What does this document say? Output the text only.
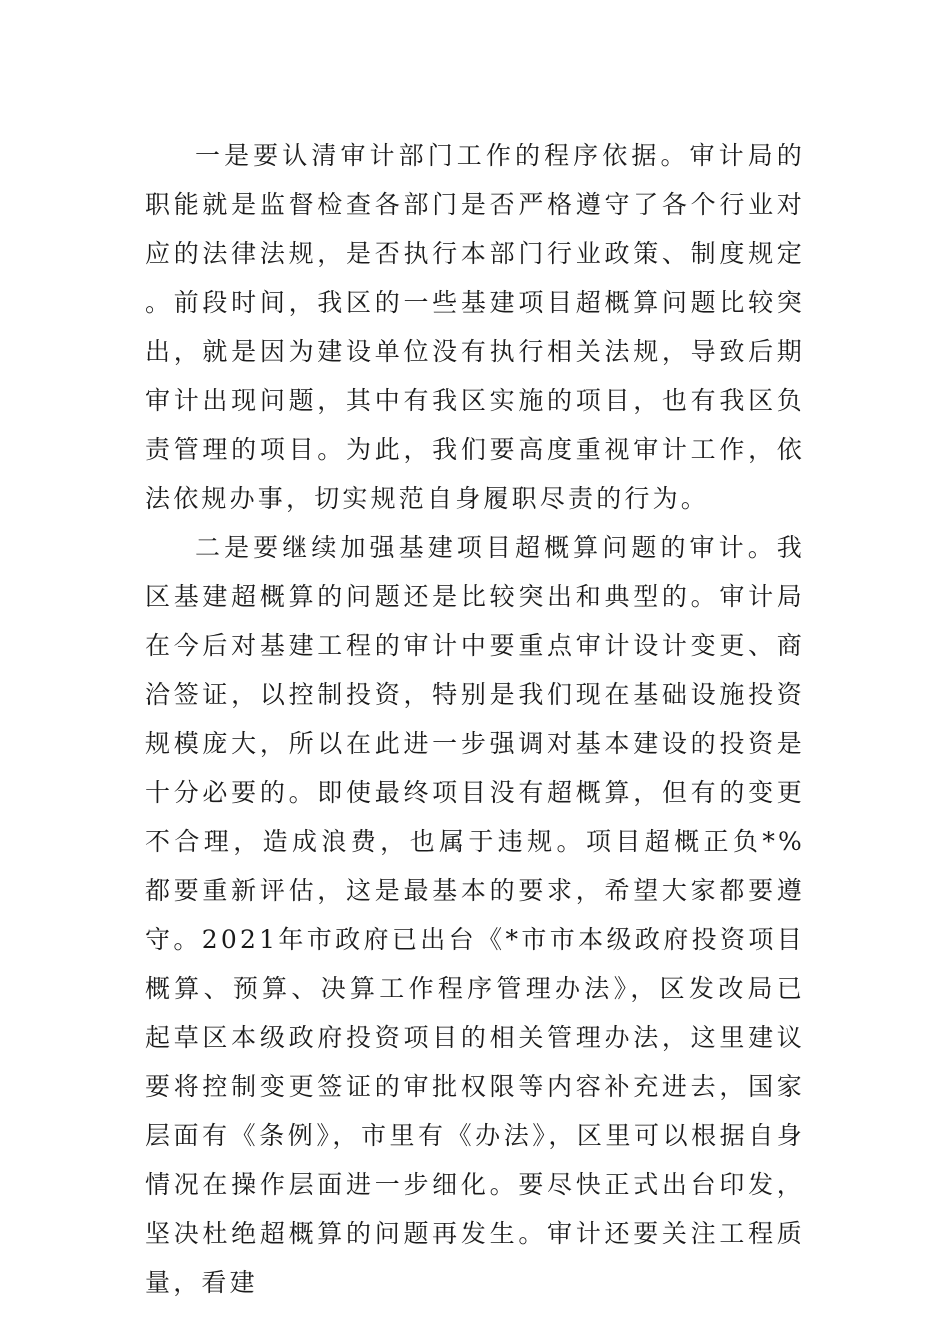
一是要认清审计部门工作的程序依据。审计局的职能就是监督检查各部门是否严格遵守了各个行业对应的法律法规，是否执行本部门行业政策、制度规定。前段时间，我区的一些基建项目超概算问题比较突出，就是因为建设单位没有执行相关法规，导致后期审计出现问题，其中有我区实施的项目，也有我区负责管理的项目。为此，我们要高度重视审计工作，依法依规办事，切实规范自身履职尽责的行为。

二是要继续加强基建项目超概算问题的审计。我区基建超概算的问题还是比较突出和典型的。审计局在今后对基建工程的审计中要重点审计设计变更、商洽签证，以控制投资，特别是我们现在基础设施投资规模庞大，所以在此进一步强调对基本建设的投资是十分必要的。即使最终项目没有超概算，但有的变更不合理，造成浪费，也属于违规。项目超概正负*%都要重新评估，这是最基本的要求，希望大家都要遵守。2021年市政府已出台《*市市本级政府投资项目概算、预算、决算工作程序管理办法》，区发改局已起草区本级政府投资项目的相关管理办法，这里建议要将控制变更签证的审批权限等内容补充进去，国家层面有《条例》，市里有《办法》，区里可以根据自身情况在操作层面进一步细化。要尽快正式出台印发，坚决杜绝超概算的问题再发生。审计还要关注工程质量，看建
